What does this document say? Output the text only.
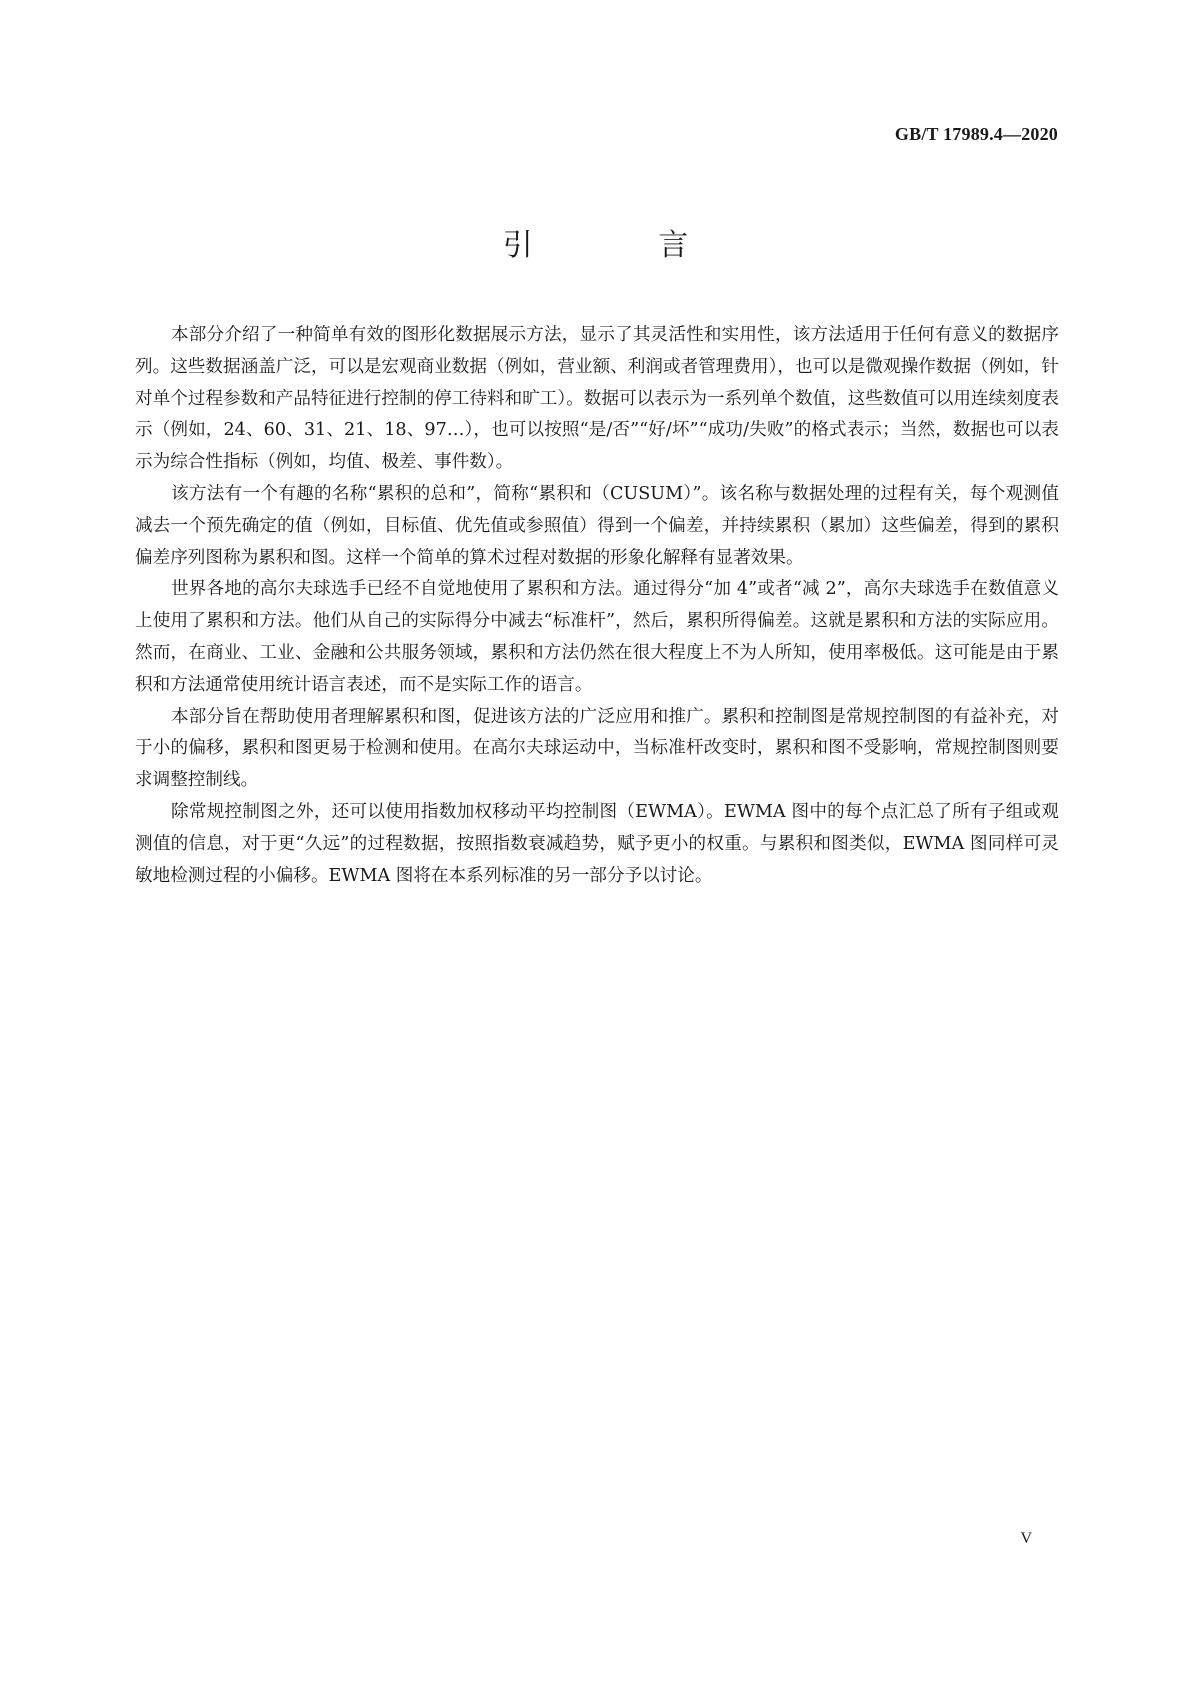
GB/T 17989.4—2020
引 言

本部分介绍了一种简单有效的图形化数据展示方法，显示了其灵活性和实用性，该方法适用于任何有意义的数据序列。这些数据涵盖广泛，可以是宏观商业数据（例如，营业额、利润或者管理费用），也可以是微观操作数据（例如，针对单个过程参数和产品特征进行控制的停工待料和旷工）。数据可以表示为一系列单个数值，这些数值可以用连续刻度表示（例如，24、60、31、21、18、97…），也可以按照“是/否”“好/坏”“成功/失败”的格式表示；当然，数据也可以表示为综合性指标（例如，均值、极差、事件数）。

该方法有一个有趣的名称“累积的总和”，简称“累积和（CUSUM）”。该名称与数据处理的过程有关，每个观测值减去一个预先确定的值（例如，目标值、优先值或参照值）得到一个偏差，并持续累积（累加）这些偏差，得到的累积偏差序列图称为累积和图。这样一个简单的算术过程对数据的形象化解释有显著效果。

世界各地的高尔夫球选手已经不自觉地使用了累积和方法。通过得分“加 4”或者“减 2”，高尔夫球选手在数值意义上使用了累积和方法。他们从自己的实际得分中减去“标准杆”，然后，累积所得偏差。这就是累积和方法的实际应用。然而，在商业、工业、金融和公共服务领域，累积和方法仍然在很大程度上不为人所知，使用率极低。这可能是由于累积和方法通常使用统计语言表述，而不是实际工作的语言。

本部分旨在帮助使用者理解累积和图，促进该方法的广泛应用和推广。累积和控制图是常规控制图的有益补充，对于小的偏移，累积和图更易于检测和使用。在高尔夫球运动中，当标准杆改变时，累积和图不受影响，常规控制图则要求调整控制线。

除常规控制图之外，还可以使用指数加权移动平均控制图（EWMA）。EWMA 图中的每个点汇总了所有子组或观测值的信息，对于更“久远”的过程数据，按照指数衰减趋势，赋予更小的权重。与累积和图类似，EWMA 图同样可灵敏地检测过程的小偏移。EWMA 图将在本系列标准的另一部分予以讨论。

V
